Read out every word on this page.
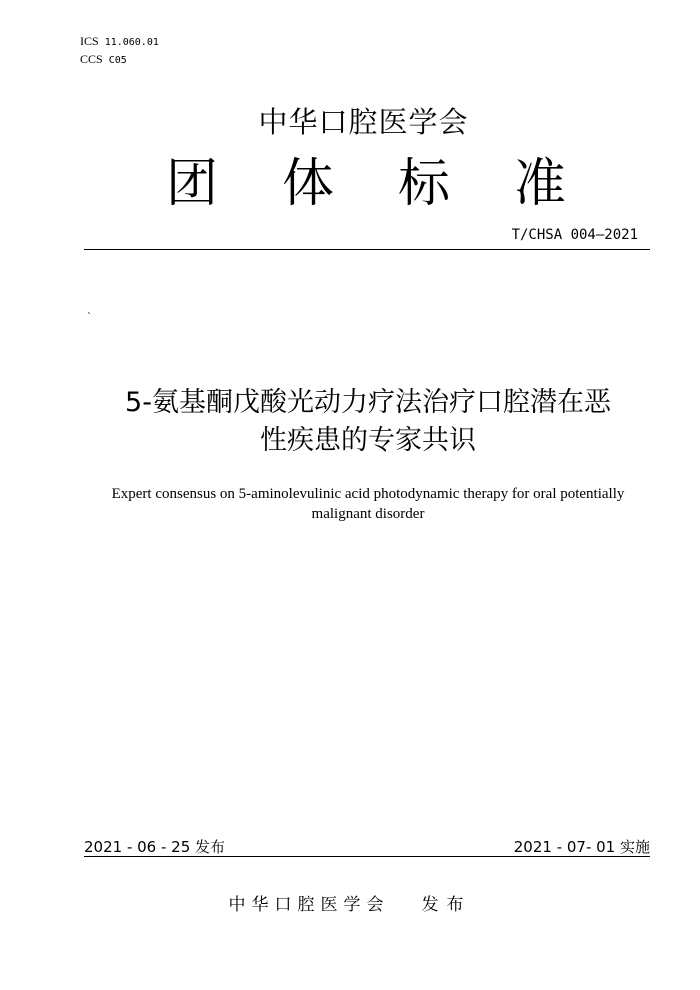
ICS 11.060.01
CCS C05
中华口腔医学会
团 体 标 准
T/CHSA 004—2021
`
5-氨基酮戊酸光动力疗法治疗口腔潜在恶
性疾患的专家共识
Expert consensus on 5-aminolevulinic acid photodynamic therapy for oral potentially
malignant disorder
2021 - 06 - 25 发布	2021 - 07- 01 实施
中华口腔医学会 发布
